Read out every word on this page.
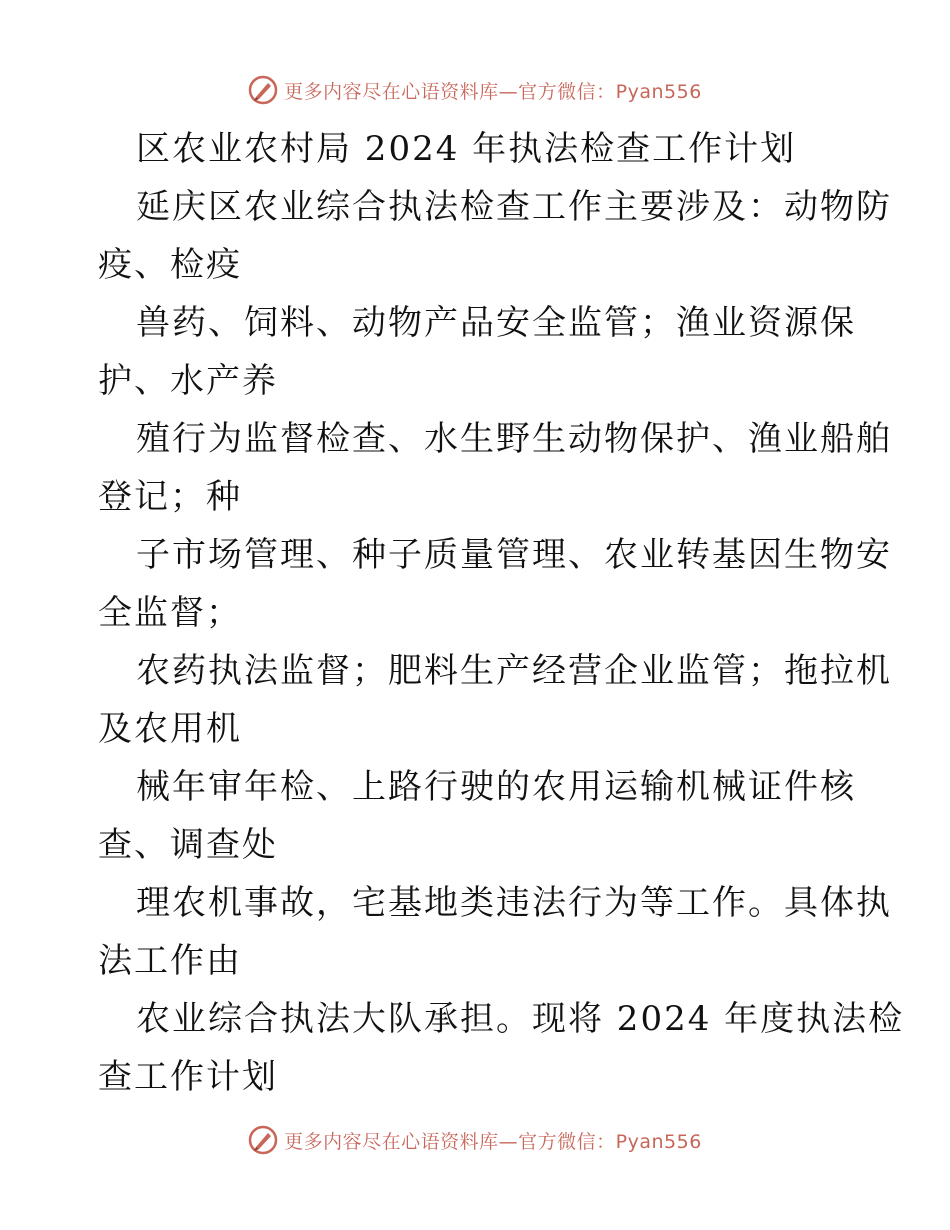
更多内容尽在心语资料库—官方微信：Pyan556
区农业农村局 2024 年执法检查工作计划
延庆区农业综合执法检查工作主要涉及：动物防
疫、检疫
兽药、饲料、动物产品安全监管；渔业资源保
护、水产养
殖行为监督检查、水生野生动物保护、渔业船舶
登记；种
子市场管理、种子质量管理、农业转基因生物安
全监督；
农药执法监督；肥料生产经营企业监管；拖拉机
及农用机
械年审年检、上路行驶的农用运输机械证件核
查、调查处
理农机事故，宅基地类违法行为等工作。具体执
法工作由
农业综合执法大队承担。现将 2024 年度执法检
查工作计划
更多内容尽在心语资料库—官方微信：Pyan556
